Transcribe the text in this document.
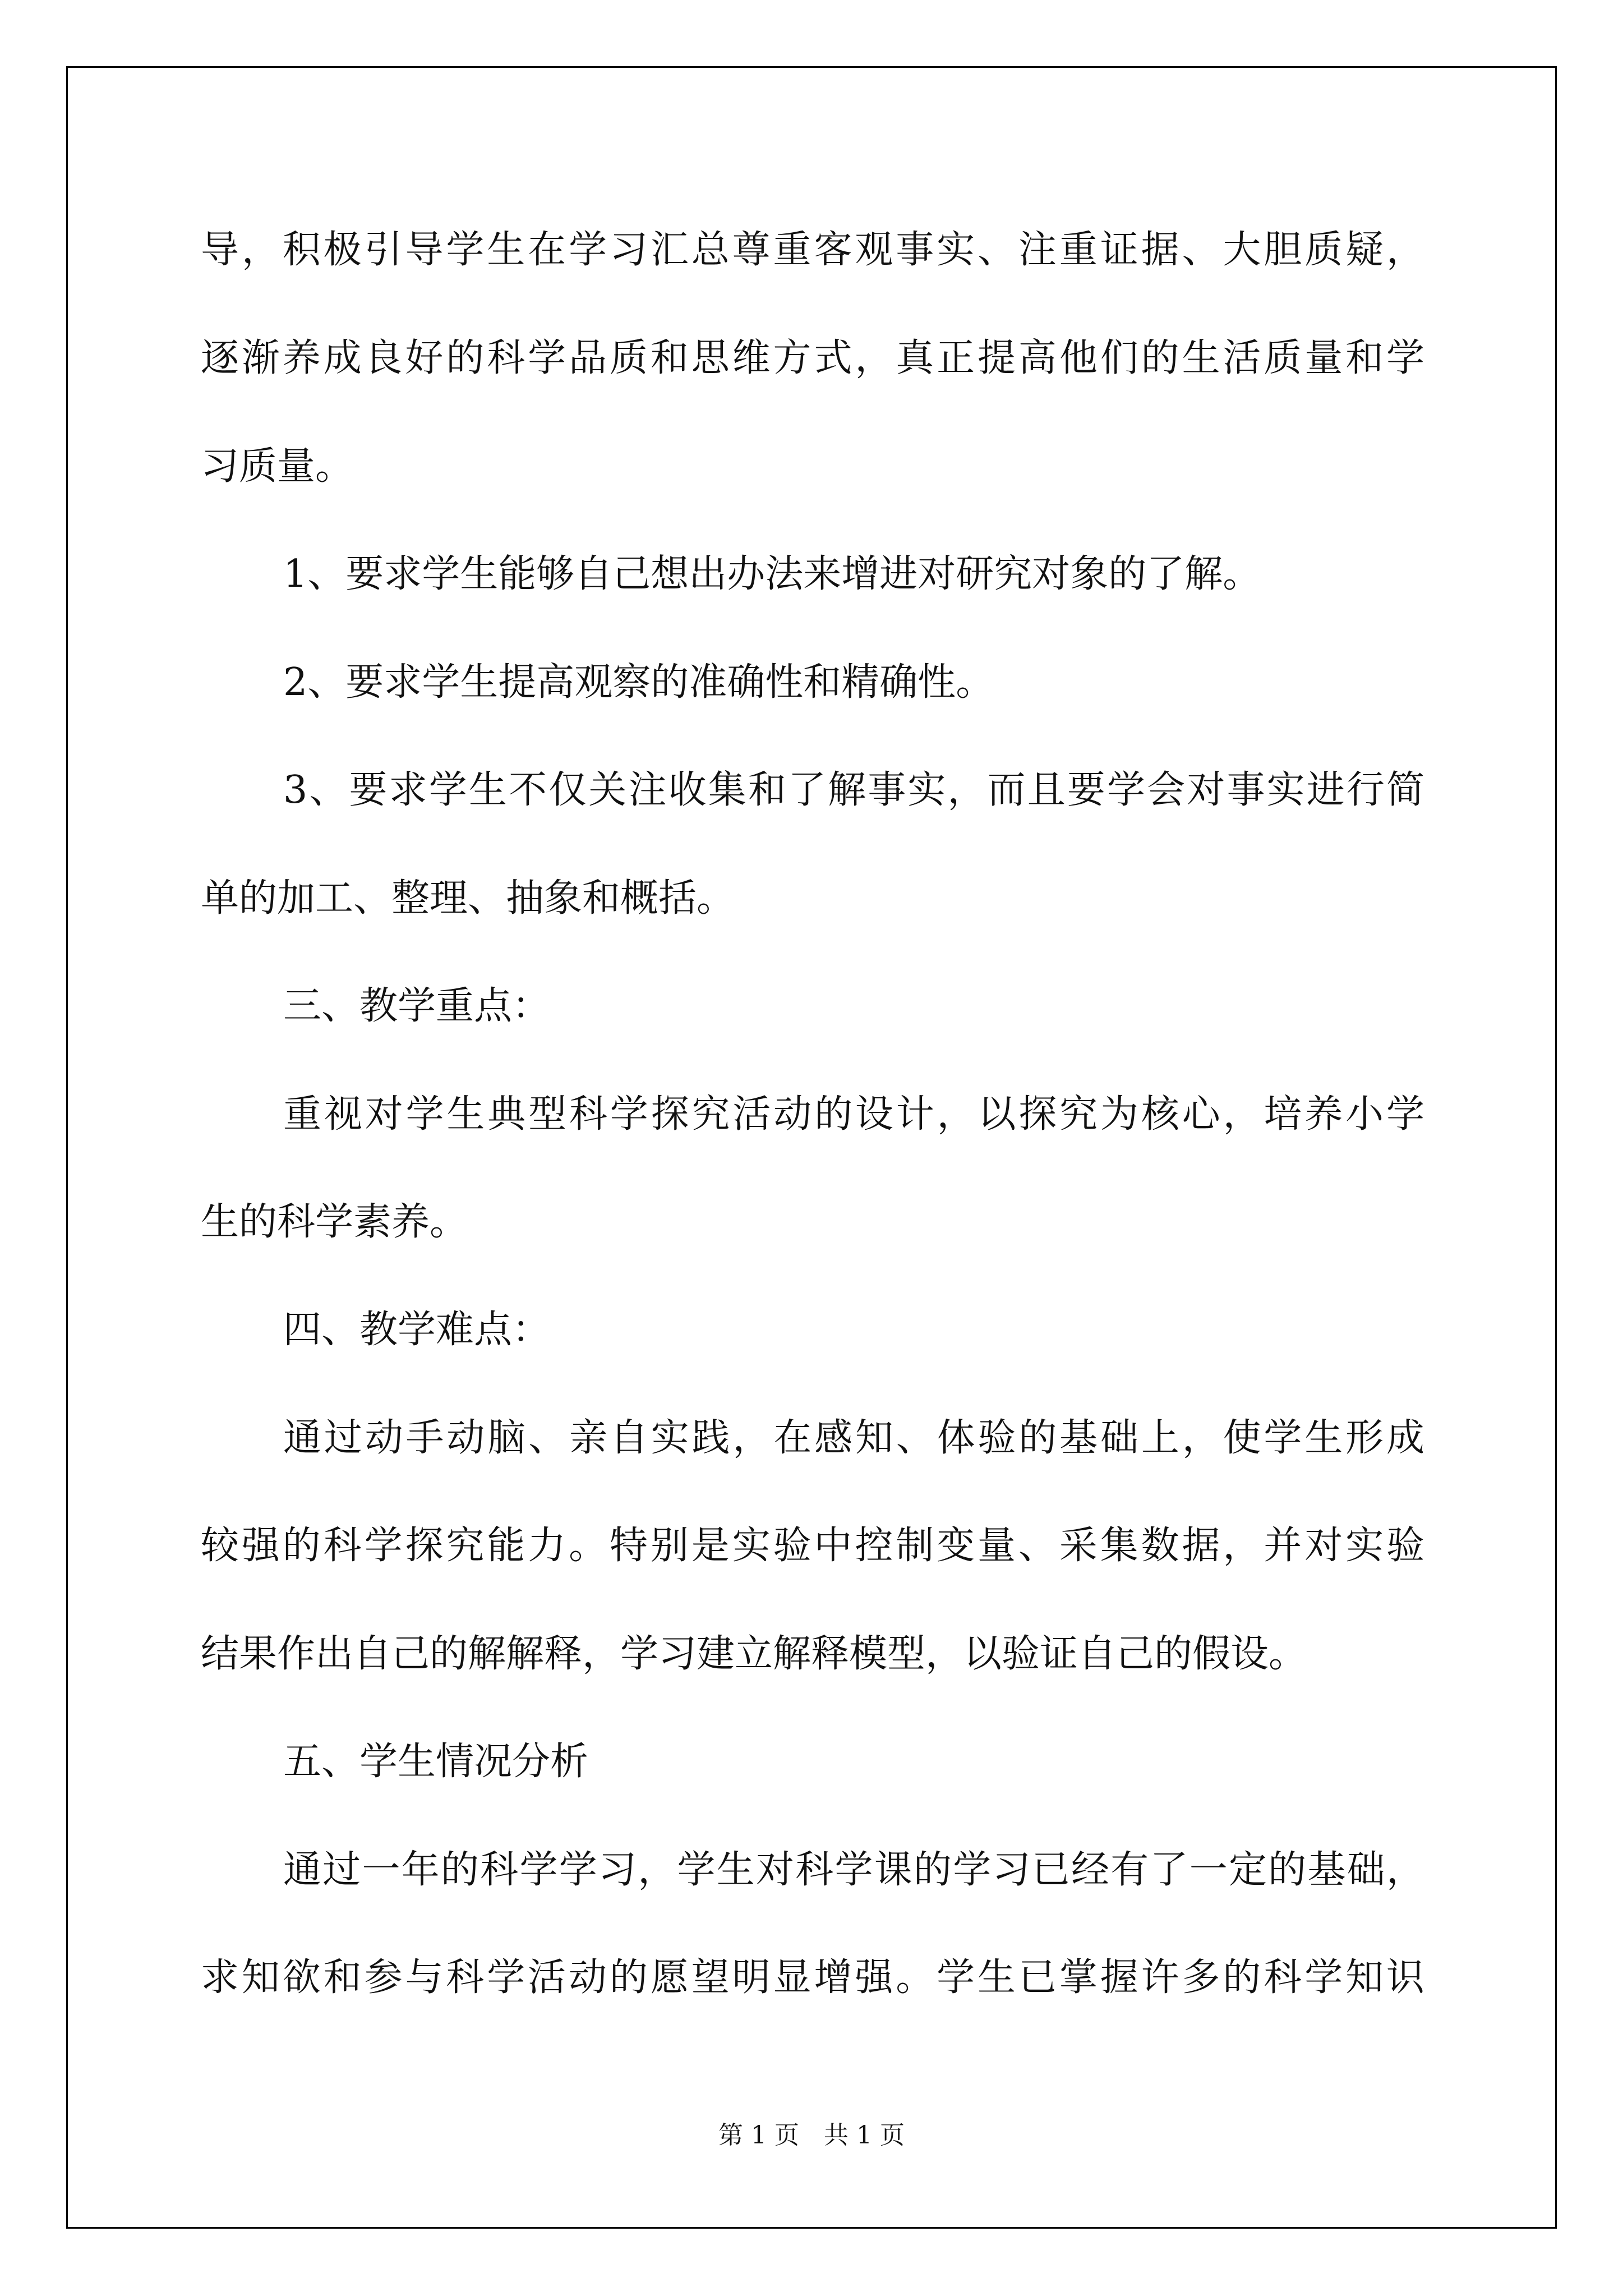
导，积极引导学生在学习汇总尊重客观事实、注重证据、大胆质疑，

逐渐养成良好的科学品质和思维方式，真正提高他们的生活质量和学

习质量。

1、要求学生能够自己想出办法来增进对研究对象的了解。

2、要求学生提高观察的准确性和精确性。

3、要求学生不仅关注收集和了解事实，而且要学会对事实进行简

单的加工、整理、抽象和概括。

三、教学重点：

重视对学生典型科学探究活动的设计，以探究为核心，培养小学

生的科学素养。

四、教学难点：

通过动手动脑、亲自实践，在感知、体验的基础上，使学生形成

较强的科学探究能力。特别是实验中控制变量、采集数据，并对实验

结果作出自己的解解释，学习建立解释模型，以验证自己的假设。

五、学生情况分析

通过一年的科学学习，学生对科学课的学习已经有了一定的基础，

求知欲和参与科学活动的愿望明显增强。学生已掌握许多的科学知识

第 1 页　共 1 页
